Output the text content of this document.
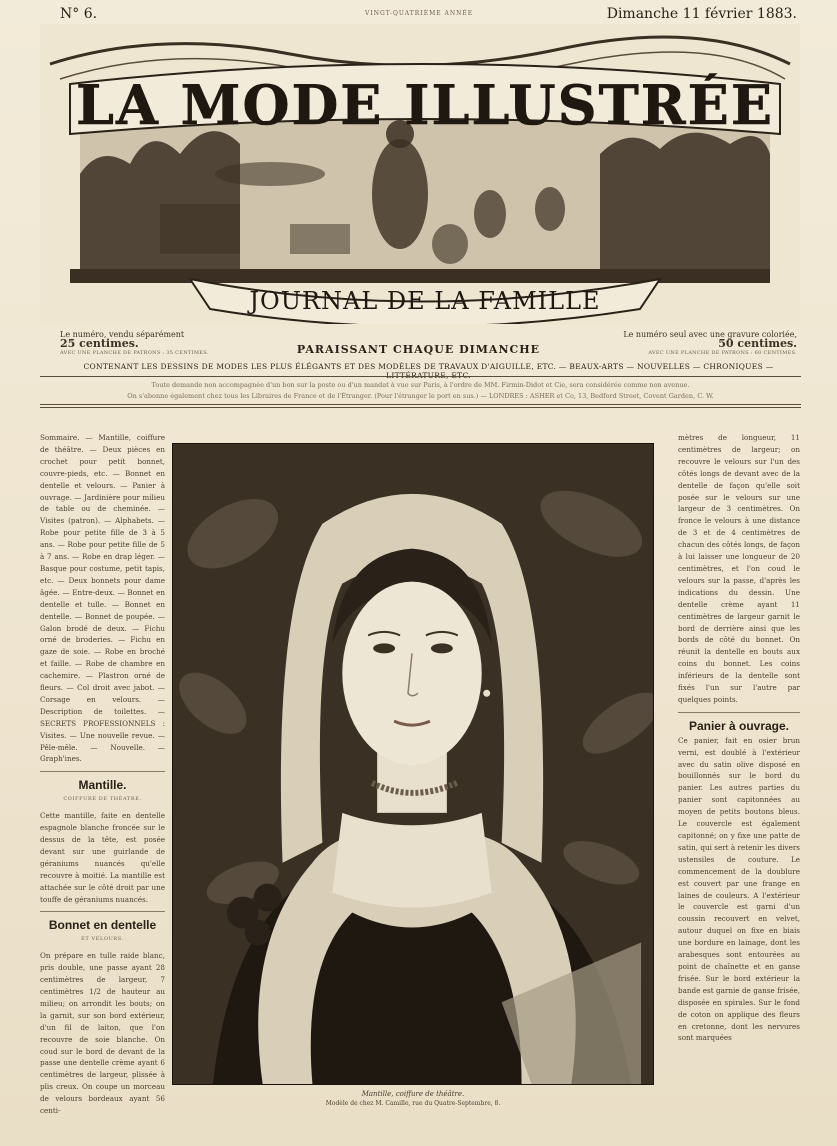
N° 6.	VINGT-QUATRIÈME ANNÉE	Dimanche 11 février 1883.
LA MODE ILLUSTRÉE
JOURNAL DE LA FAMILLE
Le numéro, vendu séparément
25 centimes.
AVEC UNE PLANCHE DE PATRONS : 35 CENTIMES.	PARAISSANT CHAQUE DIMANCHE
Le numéro seul avec une gravure coloriée,
50 centimes.
AVEC UNE PLANCHE DE PATRONS : 60 CENTIMES.
CONTENANT LES DESSINS DE MODES LES PLUS ÉLÉGANTS ET DES MODÈLES DE TRAVAUX D'AIGUILLE, ETC. — BEAUX-ARTS — NOUVELLES — CHRONIQUES —
Toute demande non accompagnée d'un bon sur la poste ou d'un mandat à vue sur Paris, à l'ordre de MM. Firmin-Didot et Cie, sera considérée comme non avenue.
On s'abonne également chez tous les Libraires de France et de l'Étranger. (Pour l'étranger le port en sus.) — LONDRES : ASHER et Co, 13, Bedford Street, Covent Garden, C. W.
Sommaire. — Mantille, coiffure de théâtre. — Deux pièces en crochet pour petit bonnet, couvre-pieds, etc. — Bonnet en dentelle et velours. — Panier à ouvrage. — Jardinière pour milieu de table ou de cheminée. — Visites (patron). — Alphabets. — Robe pour petite fille de 3 à 5 ans. — Robe pour petite fille de 5 à 7 ans. — Robe en drap léger. — Basque pour costume, petit tapis, etc. — Deux bonnets pour dame âgée. — Entre-deux. — Bonnet en dentelle et tulle. — Bonnet en dentelle. — Bonnet de poupée. — Galon brodé de deux. — Fichu orné de broderies. — Fichu en gaze de soie. — Robe en broché et faille. — Robe de chambre en cachemire. — Plastron orné de fleurs. — Col droit avec jabot. — Corsage en velours. — Description de toilettes. — SECRETS PROFESSIONNELS : Visites. — Une nouvelle revue. — Pêle-mêle. — Nouvelle. — Graph'ines.
Mantille.
COIFFURE DE THÉATRE.
Cette mantille, faite en dentelle espagnole blanche froncée sur le dessus de la tête, est posée devant sur une guirlande de géraniums nuancés qu'elle recouvre à moitié. La mantille est attachée sur le côté droit par une touffe de géraniums nuancés.
Bonnet en dentelle
ET VELOURS.
On prépare en tulle raide blanc, pris double, une passe ayant 28 centimètres de largeur, 7 centimètres 1/2 de hauteur au milieu; on arrondit les bouts; on la garnit, sur son bord extérieur, d'un fil de laiton, que l'on recouvre de soie blanche. On coud sur le bord de devant de la passe une dentelle crème ayant 6 centimètres de largeur, plissée à plis creux. On coupe un morceau de velours bordeaux ayant 56 centi-
Mantille, coiffure de théâtre.
Modèle de chez M. Camille, rue du Quatre-Septembre, 8.
mètres de longueur, 11 centimètres de largeur; on recouvre le velours sur l'un des côtés longs de devant avec de la dentelle de façon qu'elle soit posée sur le velours sur une largeur de 3 centimètres. On fronce le velours à une distance de 3 et de 4 centimètres de chacun des côtés longs, de façon à lui laisser une longueur de 20 centimètres, et l'on coud le velours sur la passe, d'après les indications du dessin. Une dentelle crème ayant 11 centimètres de largeur garnit le bord de derrière ainsi que les bords de côté du bonnet. On réunit la dentelle en bouts aux coins du bonnet. Les coins inférieurs de la dentelle sont fixés l'un sur l'autre par quelques points.
Panier à ouvrage.
Ce panier, fait en osier brun verni, est doublé à l'extérieur avec du satin olive disposé en bouillonnés sur le bord du panier. Les autres parties du panier sont capitonnées au moyen de petits boutons bleus. Le couvercle est également capitonné; on y fixe une patte de satin, qui sert à retenir les divers ustensiles de couture. Le commencement de la doublure est couvert par une frange en laines de couleurs. A l'extérieur le couvercle est garni d'un coussin recouvert en velvet, autour duquel on fixe en biais une bordure en lainage, dont les arabesques sont entourées au point de chaînette et en ganse frisée. Sur le bord extérieur la bande est garnie de ganse frisée, disposée en spirales. Sur le fond de coton on applique des fleurs en cretonne, dont les nervures sont marquées
